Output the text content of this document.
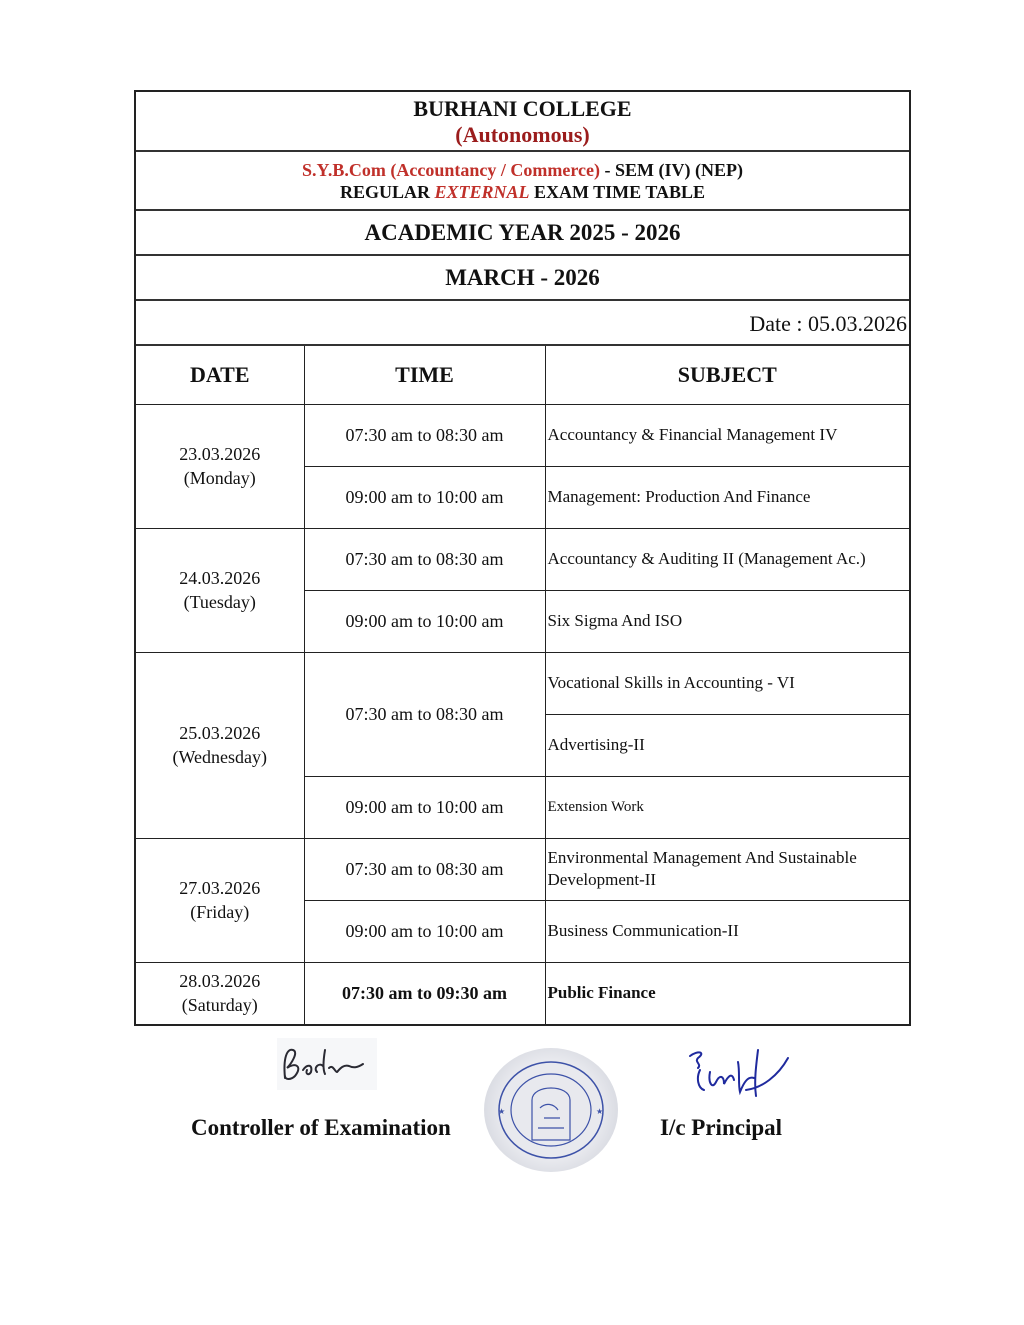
BURHANI COLLEGE
(Autonomous)
S.Y.B.Com (Accountancy / Commerce) - SEM (IV) (NEP)
REGULAR EXTERNAL EXAM TIME TABLE
ACADEMIC YEAR 2025 - 2026
MARCH - 2026
Date : 05.03.2026
DATE	TIME	SUBJECT

23.03.2026
(Monday)	07:30 am to 08:30 am	Accountancy & Financial Management IV
	09:00 am to 10:00 am	Management: Production And Finance

24.03.2026
(Tuesday)	07:30 am to 08:30 am	Accountancy & Auditing II (Management Ac.)
	09:00 am to 10:00 am	Six Sigma And ISO

25.03.2026
(Wednesday)	07:30 am to 08:30 am	Vocational Skills in Accounting - VI
		Advertising-II
	09:00 am to 10:00 am	Extension Work

27.03.2026
(Friday)	07:30 am to 08:30 am	Environmental Management And Sustainable Development-II
	09:00 am to 10:00 am	Business Communication-II

28.03.2026
(Saturday)	07:30 am to 09:30 am	Public Finance
★	★
Controller of Examination	I/c Principal
